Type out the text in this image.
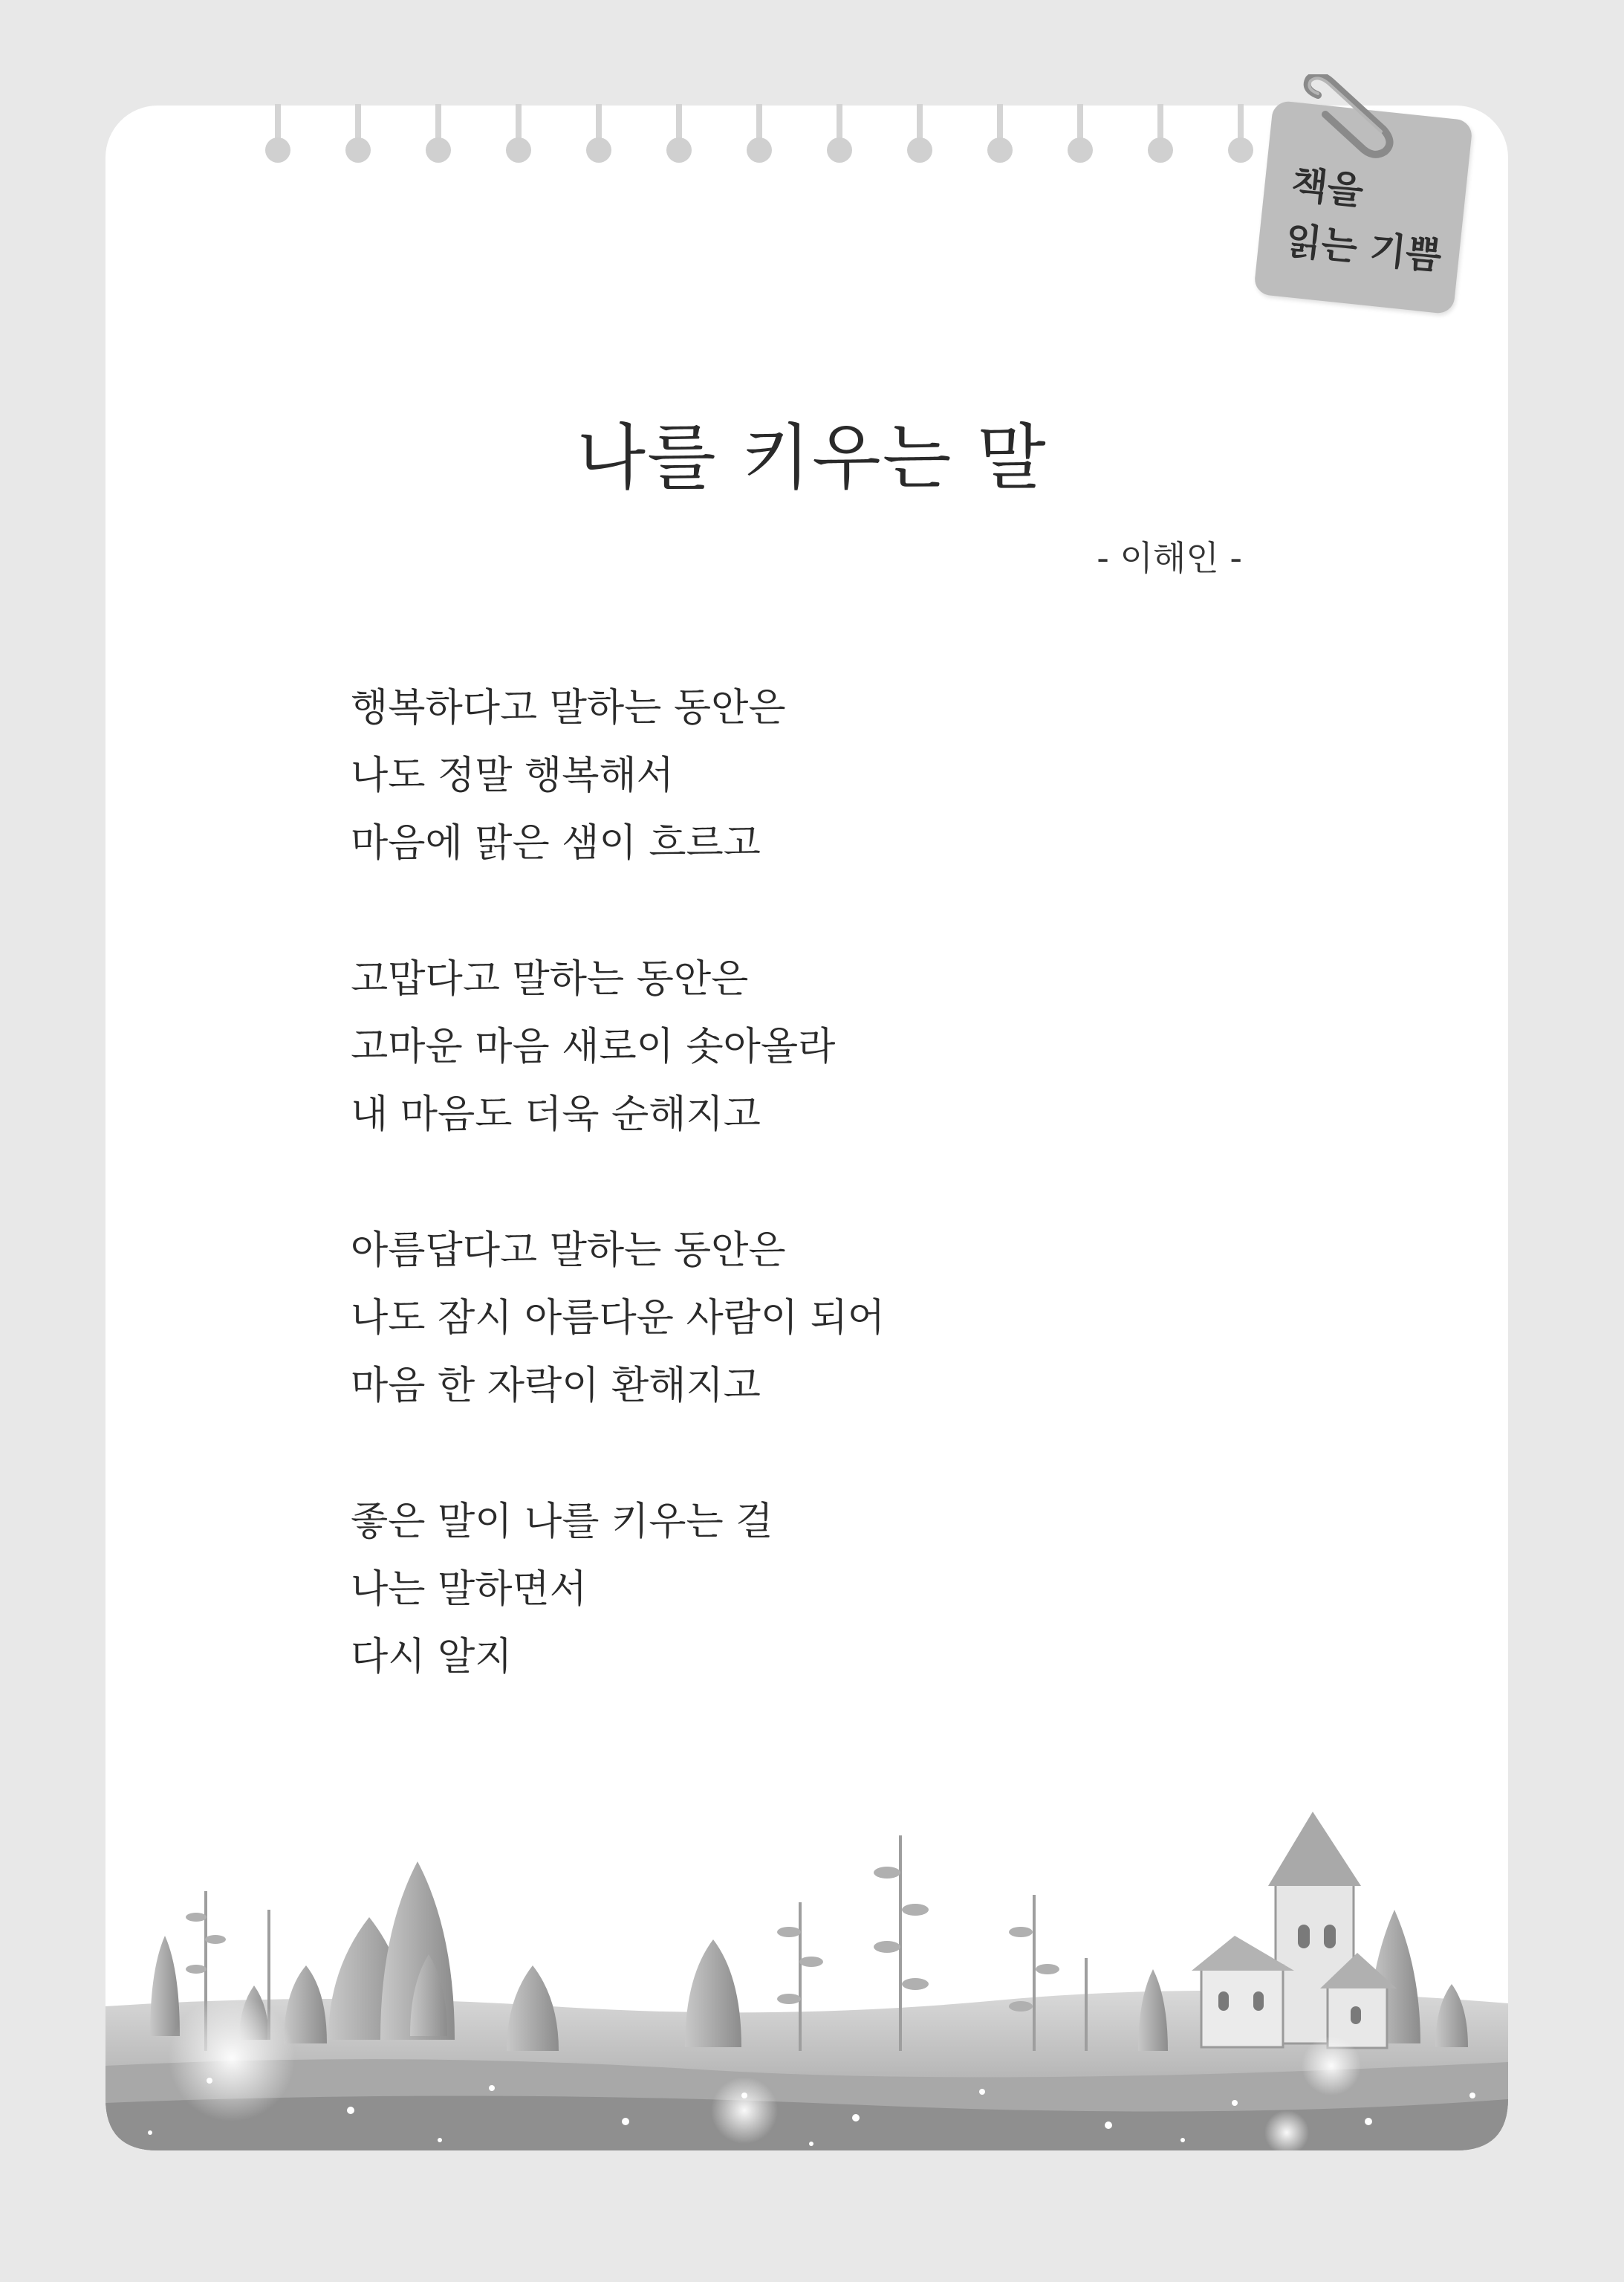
책을
읽는 기쁨
나를 키우는 말
- 이해인 -
행복하다고 말하는 동안은
나도 정말 행복해서
마음에 맑은 샘이 흐르고
고맙다고 말하는 동안은
고마운 마음 새로이 솟아올라
내 마음도 더욱 순해지고
아름답다고 말하는 동안은
나도 잠시 아름다운 사람이 되어
마음 한 자락이 환해지고
좋은 말이 나를 키우는 걸
나는 말하면서
다시 알지
